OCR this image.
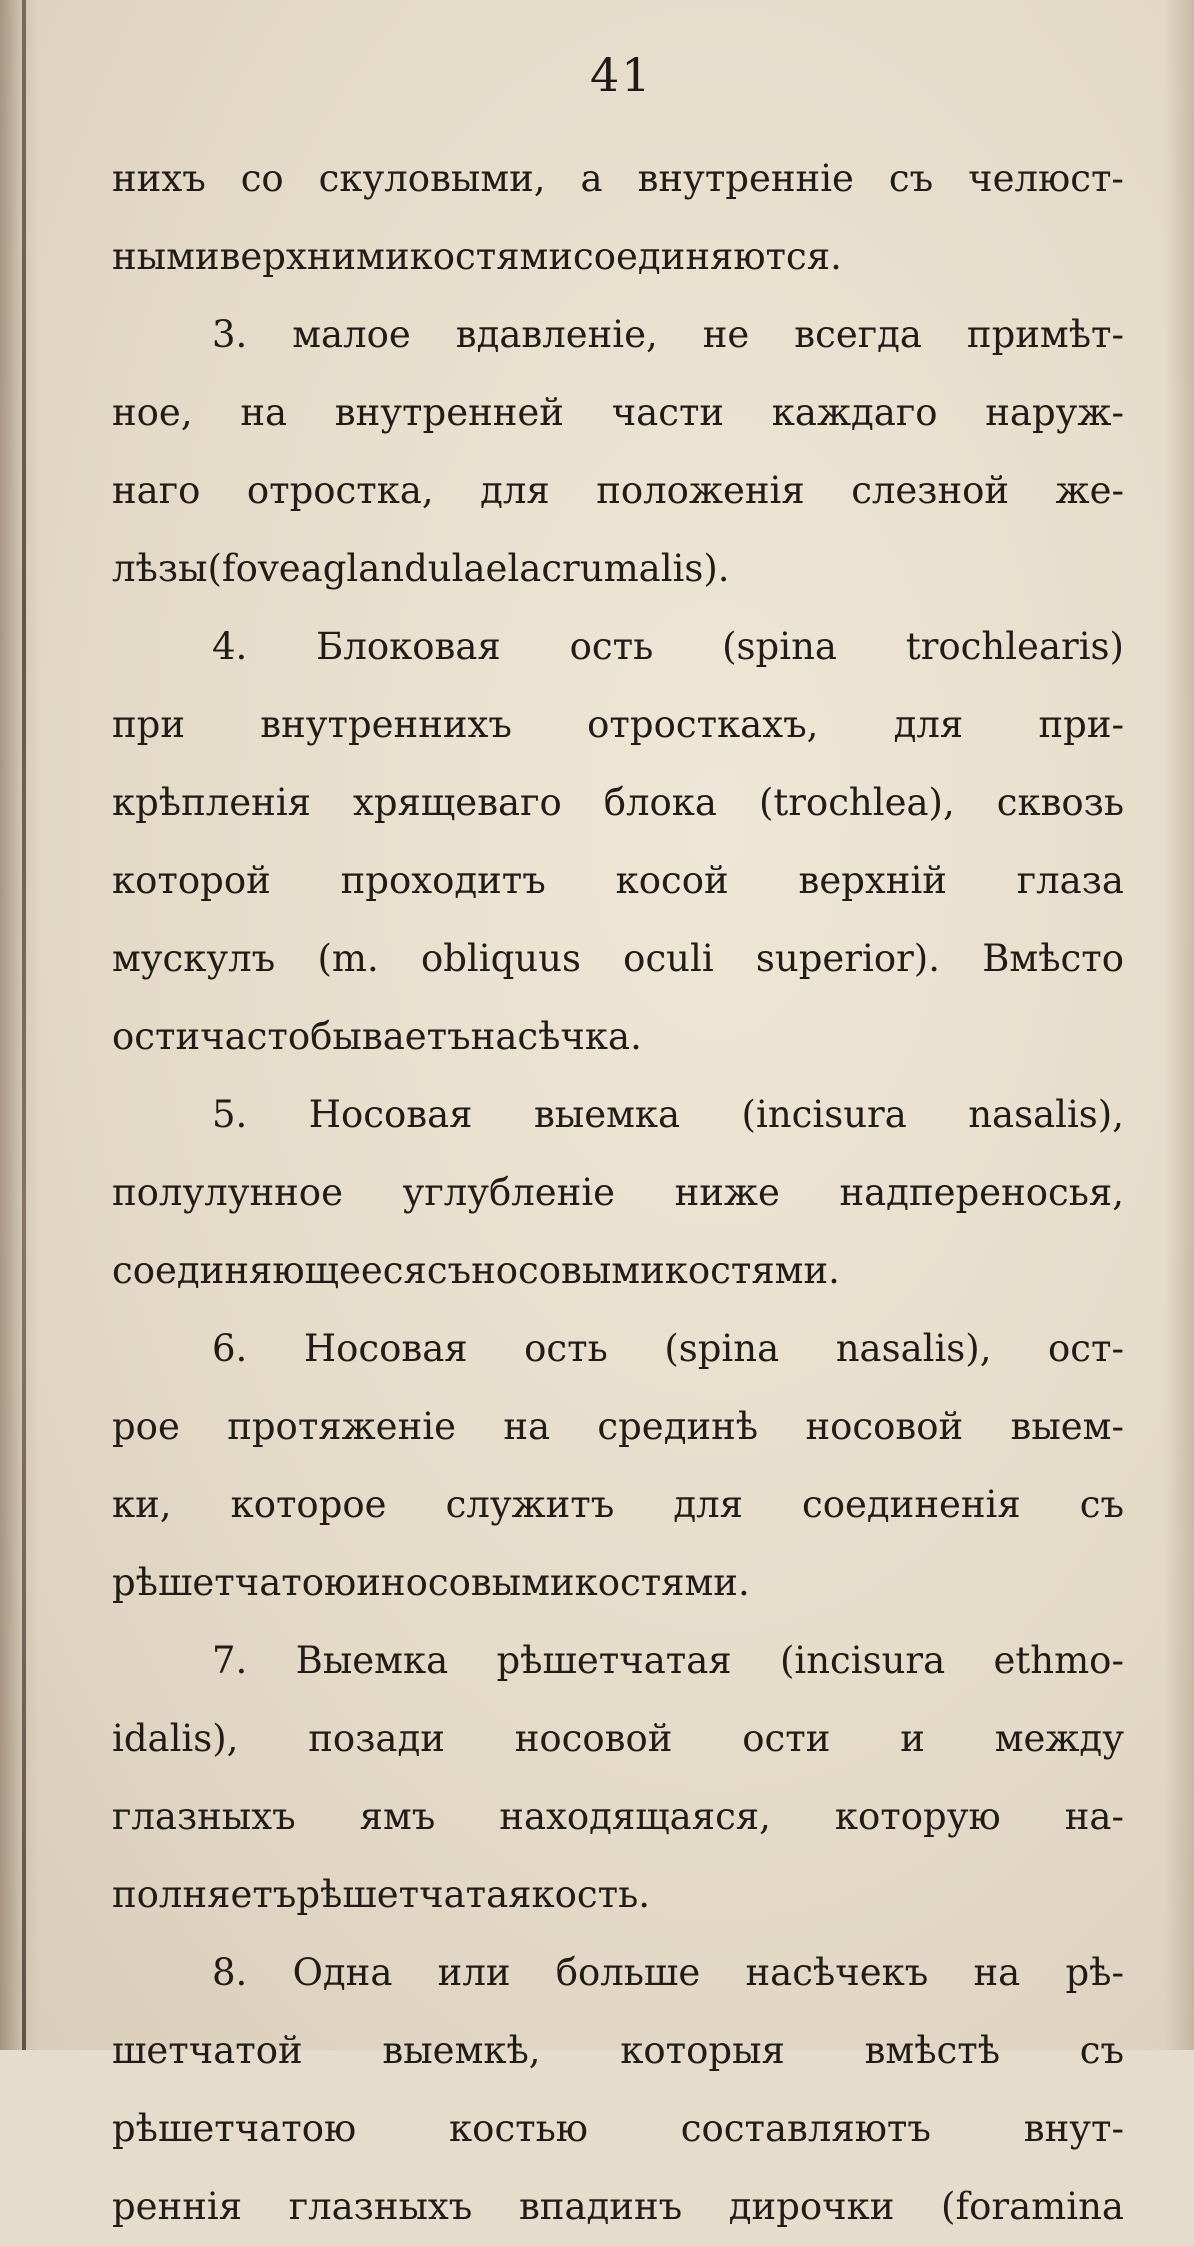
41
нихъ со скуловыми, а внутренніе съ челюст-
ными верхними костями соединяются.
3. малое вдавленіе, не всегда примѣт-
ное, на внутренней части каждаго наруж-
наго отростка, для положенія слезной же-
лѣзы (fovea glandulae lacrumalis).
4. Блоковая ость (spina trochlearis)
при внутреннихъ отросткахъ, для при-
крѣпленія хрящеваго блока (trochlea), сквозь
которой проходитъ косой верхній глаза
мускулъ (m. obliquus oculi superior). Вмѣсто
ости часто бываетъ насѣчка.
5. Носовая выемка (incisura nasalis),
полулунное углубленіе ниже надпереносья,
соединяющееся съ носовыми костями.
6. Носовая ость (spina nasalis), ост-
рое протяженіе на срединѣ носовой выем-
ки, которое служитъ для соединенія съ
рѣшетчатою и носовыми костями.
7. Выемка рѣшетчатая (incisura ethmo-
idalis), позади носовой ости и между
глазныхъ ямъ находящаяся, которую на-
полняетъ рѣшетчатая кость.
8. Одна или больше насѣчекъ на рѣ-
шетчатой выемкѣ, которыя вмѣстѣ съ
рѣшетчатою	костью	составляютъ	внут-
реннія глазныхъ впадинъ дирочки (foramina
